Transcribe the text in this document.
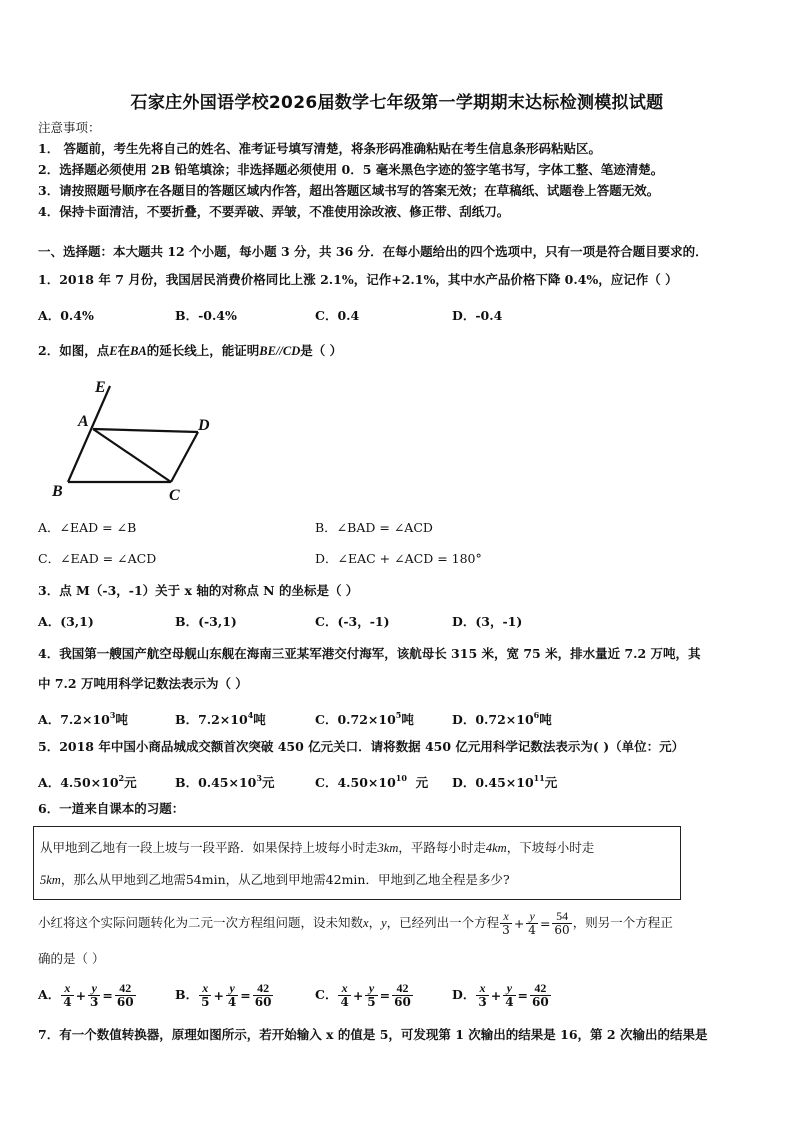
石家庄外国语学校2026届数学七年级第一学期期末达标检测模拟试题
注意事项：
1． 答题前，考生先将自己的姓名、准考证号填写清楚，将条形码准确粘贴在考生信息条形码粘贴区。
2．选择题必须使用 2B 铅笔填涂；非选择题必须使用 0．5 毫米黑色字迹的签字笔书写，字体工整、笔迹清楚。
3．请按照题号顺序在各题目的答题区域内作答，超出答题区域书写的答案无效；在草稿纸、试题卷上答题无效。
4．保持卡面清洁，不要折叠，不要弄破、弄皱，不准使用涂改液、修正带、刮纸刀。
一、选择题：本大题共 12 个小题，每小题 3 分，共 36 分．在每小题给出的四个选项中，只有一项是符合题目要求的．
1．2018 年 7 月份，我国居民消费价格同比上涨 2.1%，记作+2.1%，其中水产品价格下降 0.4%，应记作（ ）
A．0.4%	B．-0.4%	C．0.4	D．-0.4
2．如图，点E在BA的延长线上，能证明BE//CD是（ ）
E
A	D
B	C
A．∠EAD = ∠B	B．∠BAD = ∠ACD
C．∠EAD = ∠ACD	D．∠EAC + ∠ACD = 180°
3．点 M（-3，-1）关于 x 轴的对称点 N 的坐标是（ ）
A．(3,1)	B．(-3,1)	C．(-3，-1)	D．(3，-1)
4．我国第一艘国产航空母舰山东舰在海南三亚某军港交付海军，该航母长 315 米，宽 75 米，排水量近 7.2 万吨，其
中 7.2 万吨用科学记数法表示为（ ）
A．$7.2\times 10^3$吨	B．$7.2\times 10^4$吨	C．$0.72\times 10^5$吨	D．$0.72\times 10^6$吨
5．2018 年中国小商品城成交额首次突破 450 亿元关口．请将数据 450 亿元用科学记数法表示为( )（单位：元）
A．$4.50\times 10^2$元	B．$0.45\times 10^3$元	C．$4.50\times 10^{10}$  元 D．$0.45\times 10^{11}$元
6．一道来自课本的习题：
从甲地到乙地有一段上坡与一段平路．如果保持上坡每小时走3km，平路每小时走4km，下坡每小时走
5km，那么从甲地到乙地需54min，从乙地到甲地需42min．甲地到乙地全程是多少?
小红将这个实际问题转化为二元一次方程组问题，设未知数x，y，已经列出一个方程 $\frac{x}{3} + \frac{y}{4} = \frac{54}{60}$ ，则另一个方程正
确的是（ ）
A． $\frac{x}{4} + \frac{y}{3} = \frac{42}{60}$	B． $\frac{x}{5} + \frac{y}{4} = \frac{42}{60}$	C． $\frac{x}{4} + \frac{y}{5} = \frac{42}{60}$	D． $\frac{x}{3} + \frac{y}{4} = \frac{42}{60}$
7．有一个数值转换器，原理如图所示，若开始输入 x 的值是 5，可发现第 1 次输出的结果是 16，第 2 次输出的结果是
